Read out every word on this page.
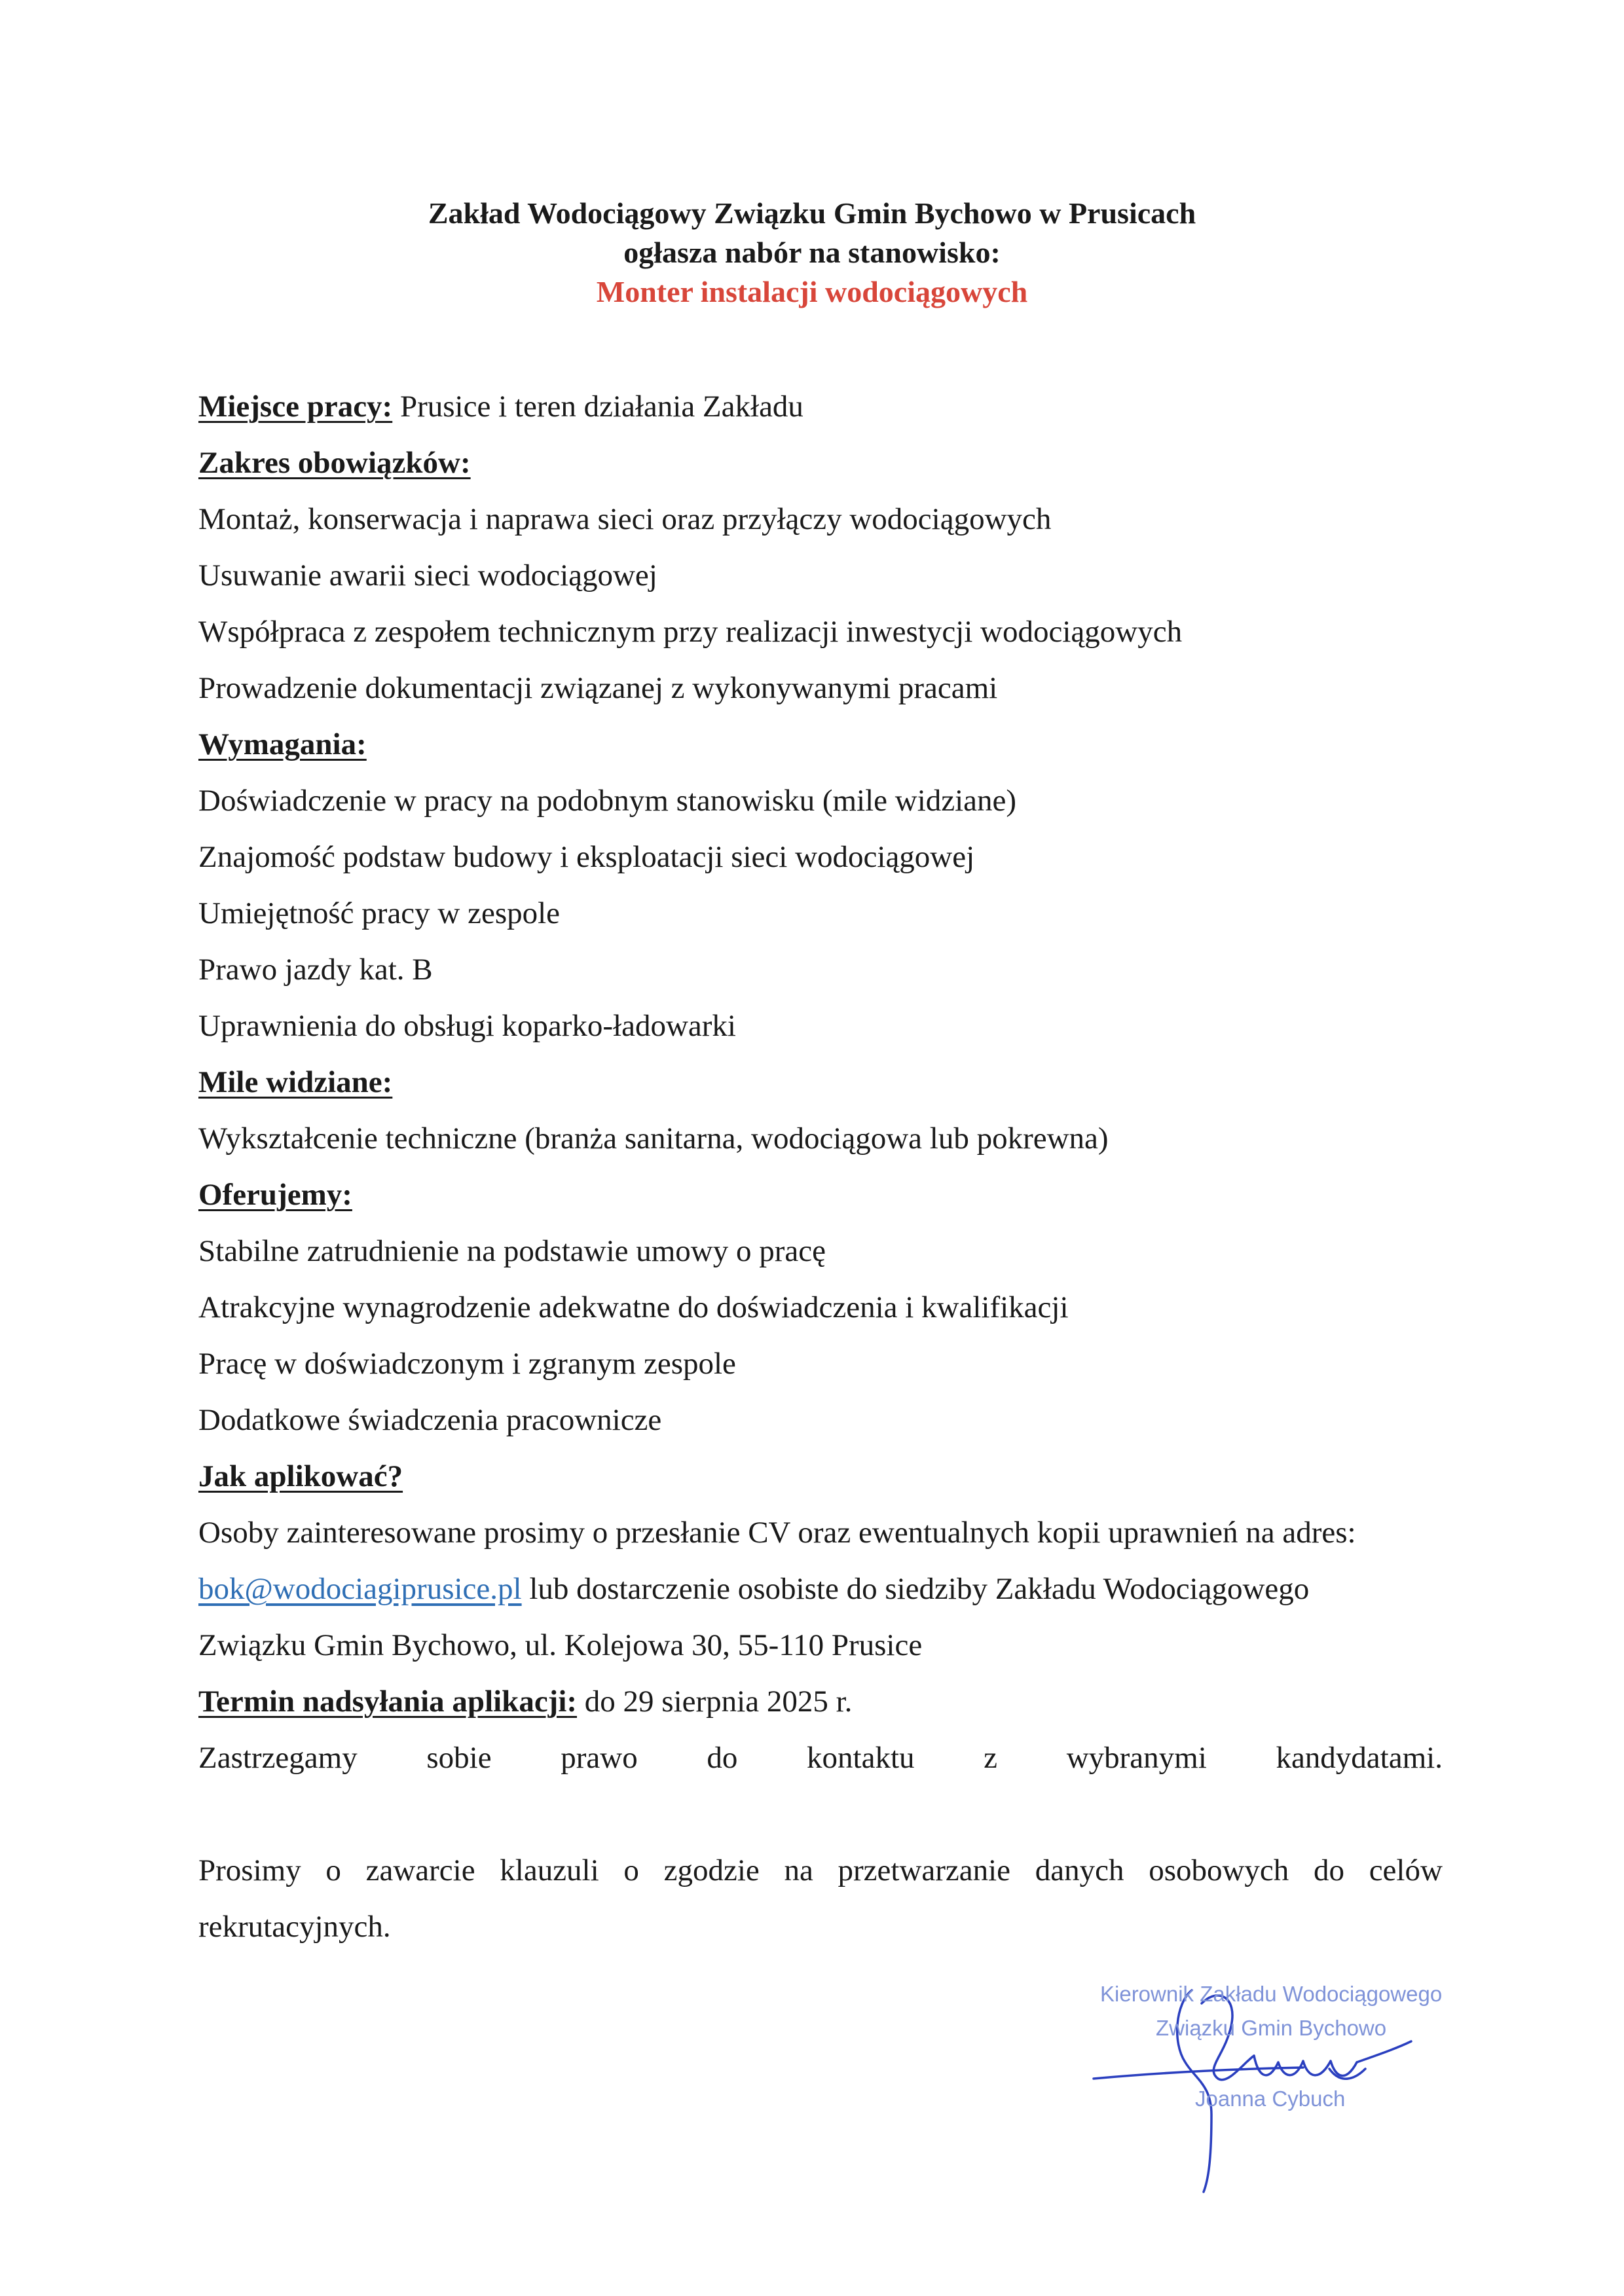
Zakład Wodociągowy Związku Gmin Bychowo w Prusicach
ogłasza nabór na stanowisko:
Monter instalacji wodociągowych
Miejsce pracy: Prusice i teren działania Zakładu
Zakres obowiązków:
Montaż, konserwacja i naprawa sieci oraz przyłączy wodociągowych
Usuwanie awarii sieci wodociągowej
Współpraca z zespołem technicznym przy realizacji inwestycji wodociągowych
Prowadzenie dokumentacji związanej z wykonywanymi pracami
Wymagania:
Doświadczenie w pracy na podobnym stanowisku (mile widziane)
Znajomość podstaw budowy i eksploatacji sieci wodociągowej
Umiejętność pracy w zespole
Prawo jazdy kat. B
Uprawnienia do obsługi koparko-ładowarki
Mile widziane:
Wykształcenie techniczne (branża sanitarna, wodociągowa lub pokrewna)
Oferujemy:
Stabilne zatrudnienie na podstawie umowy o pracę
Atrakcyjne wynagrodzenie adekwatne do doświadczenia i kwalifikacji
Pracę w doświadczonym i zgranym zespole
Dodatkowe świadczenia pracownicze
Jak aplikować?
Osoby zainteresowane prosimy o przesłanie CV oraz ewentualnych kopii uprawnień na adres:
bok@wodociagiprusice.pl lub dostarczenie osobiste do siedziby Zakładu Wodociągowego
Związku Gmin Bychowo, ul. Kolejowa 30, 55-110 Prusice
Termin nadsyłania aplikacji: do 29 sierpnia 2025 r.
Zastrzegamy sobie prawo do kontaktu z wybranymi kandydatami.
Prosimy o zawarcie klauzuli o zgodzie na przetwarzanie danych osobowych do celów
rekrutacyjnych.
Kierownik Zakładu Wodociągowego
Związku Gmin Bychowo
Joanna Cybuch
